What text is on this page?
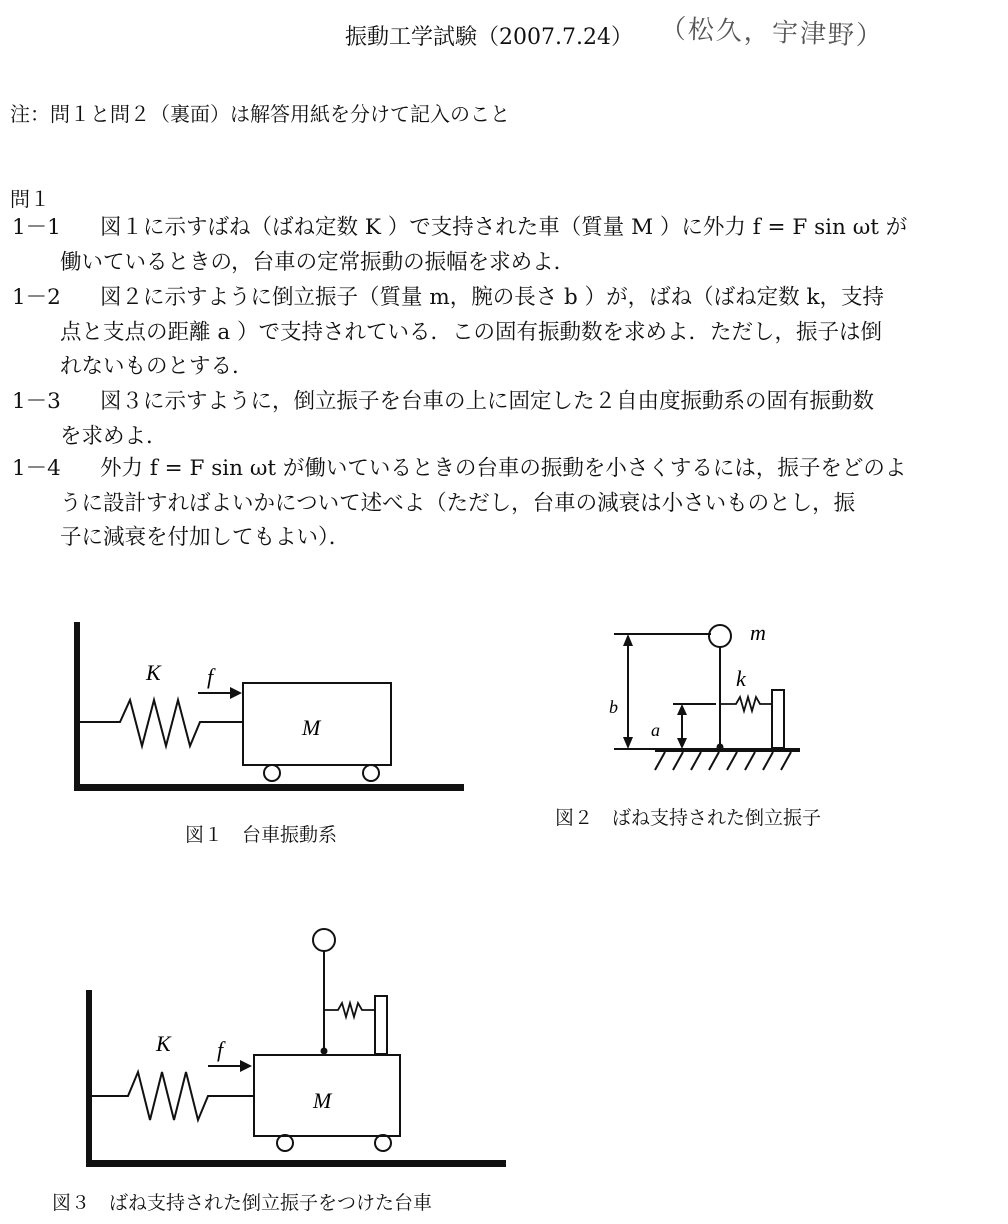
振動工学試験（2007.7.24） （松久，宇津野）
注：問１と問２（裏面）は解答用紙を分けて記入のこと
問１
1－1 図１に示すばね（ばね定数 K ）で支持された車（質量 M ）に外力 f = F sin ωt が
働いているときの，台車の定常振動の振幅を求めよ．
1－2 図２に示すように倒立振子（質量 m，腕の長さ b ）が，ばね（ばね定数 k，支持
点と支点の距離 a ）で支持されている．この固有振動数を求めよ．ただし，振子は倒
れないものとする．
1－3 図３に示すように，倒立振子を台車の上に固定した２自由度振動系の固有振動数
を求めよ．
1－4 外力 f = F sin ωt が働いているときの台車の振動を小さくするには，振子をどのよ
うに設計すればよいかについて述べよ（ただし，台車の減衰は小さいものとし，振
子に減衰を付加してもよい）．
K f
M
図１　台車振動系
m
k
a
b
図２　ばね支持された倒立振子
K f
M
図３　ばね支持された倒立振子をつけた台車
